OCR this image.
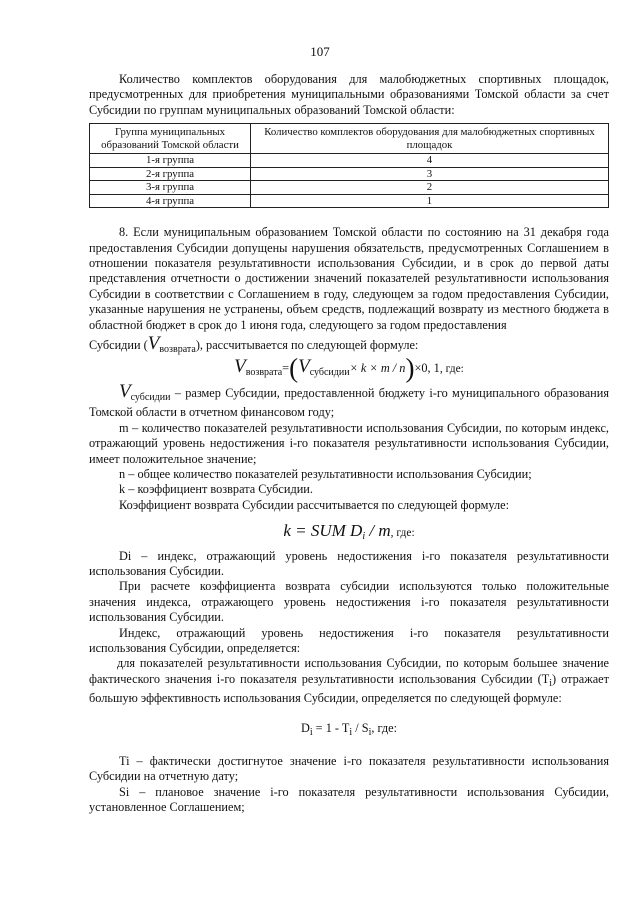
107

Количество комплектов оборудования для малобюджетных спортивных площадок, предусмотренных для приобретения муниципальными образованиями Томской области за счет Субсидии по группам муниципальных образований Томской области:

Группа муниципальных образований Томской области	Количество комплектов оборудования для малобюджетных спортивных площадок
1-я группа	4
2-я группа	3
3-я группа	2
4-я группа	1

8. Если муниципальным образованием Томской области по состоянию на 31 декабря года предоставления Субсидии допущены нарушения обязательств, предусмотренных Соглашением в отношении показателя результативности использования Субсидии, и в срок до первой даты представления отчетности о достижении значений показателей результативности использования Субсидии в соответствии с Соглашением в году, следующем за годом предоставления Субсидии, указанные нарушения не устранены, объем средств, подлежащий возврату из местного бюджета в областной бюджет в срок до 1 июня года, следующего за годом предоставления

Субсидии $(V_{возврата})$, рассчитывается по следующей формуле:

$V_{возврата}=(V_{субсидии}\times k \times m / n)\times 0$, 1, где:

$V_{субсидии}$ – размер Субсидии, предоставленной бюджету i-го муниципального образования Томской области в отчетном финансовом году;

m – количество показателей результативности использования Субсидии, по которым индекс, отражающий уровень недостижения i-го показателя результативности использования Субсидии, имеет положительное значение;

n – общее количество показателей результативности использования Субсидии;

k – коэффициент возврата Субсидии.

Коэффициент возврата Субсидии рассчитывается по следующей формуле:

k = SUM $D_i$ / m, где:

Di – индекс, отражающий уровень недостижения i-го показателя результативности использования Субсидии.

При расчете коэффициента возврата субсидии используются только положительные значения индекса, отражающего уровень недостижения i-го показателя результативности использования Субсидии.

Индекс, отражающий уровень недостижения i-го показателя результативности использования Субсидии, определяется:

для показателей результативности использования Субсидии, по которым большее значение фактического значения i-го показателя результативности использования Субсидии $(T_i)$ отражает большую эффективность использования Субсидии, определяется по следующей формуле:

$D_i = 1 - T_i / S_i$, где:

Ti – фактически достигнутое значение i-го показателя результативности использования Субсидии на отчетную дату;

Si – плановое значение i-го показателя результативности использования Субсидии, установленное Соглашением;
